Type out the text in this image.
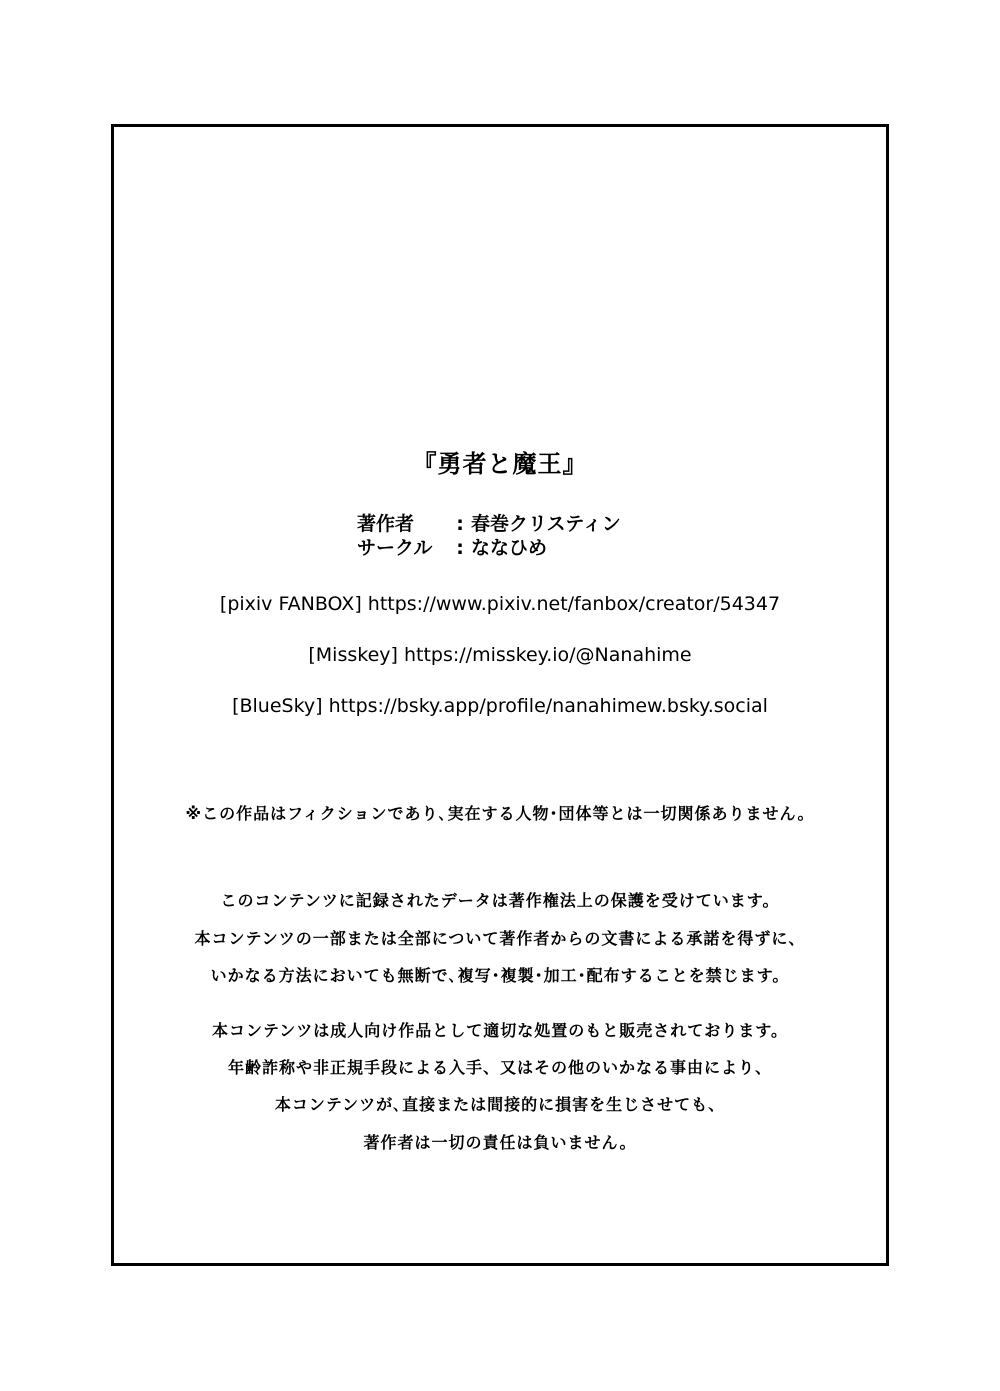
『勇者と魔王』
著作者	: 春巻クリスティン
サークル	: ななひめ
[pixiv FANBOX] https://www.pixiv.net/fanbox/creator/54347
[Misskey] https://misskey.io/@Nanahime
[BlueSky] https://bsky.app/profile/nanahimew.bsky.social
※この作品はフィクションであり､実在する人物･団体等とは一切関係ありません。
このコンテンツに記録されたデータは著作権法上の保護を受けています。
本コンテンツの一部または全部について著作者からの文書による承諾を得ずに、
いかなる方法においても無断で､複写･複製･加工･配布することを禁じます。
本コンテンツは成人向け作品として適切な処置のもと販売されております。
年齢詐称や非正規手段による入手、又はその他のいかなる事由により、
本コンテンツが､直接または間接的に損害を生じさせても、
著作者は一切の責任は負いません。
